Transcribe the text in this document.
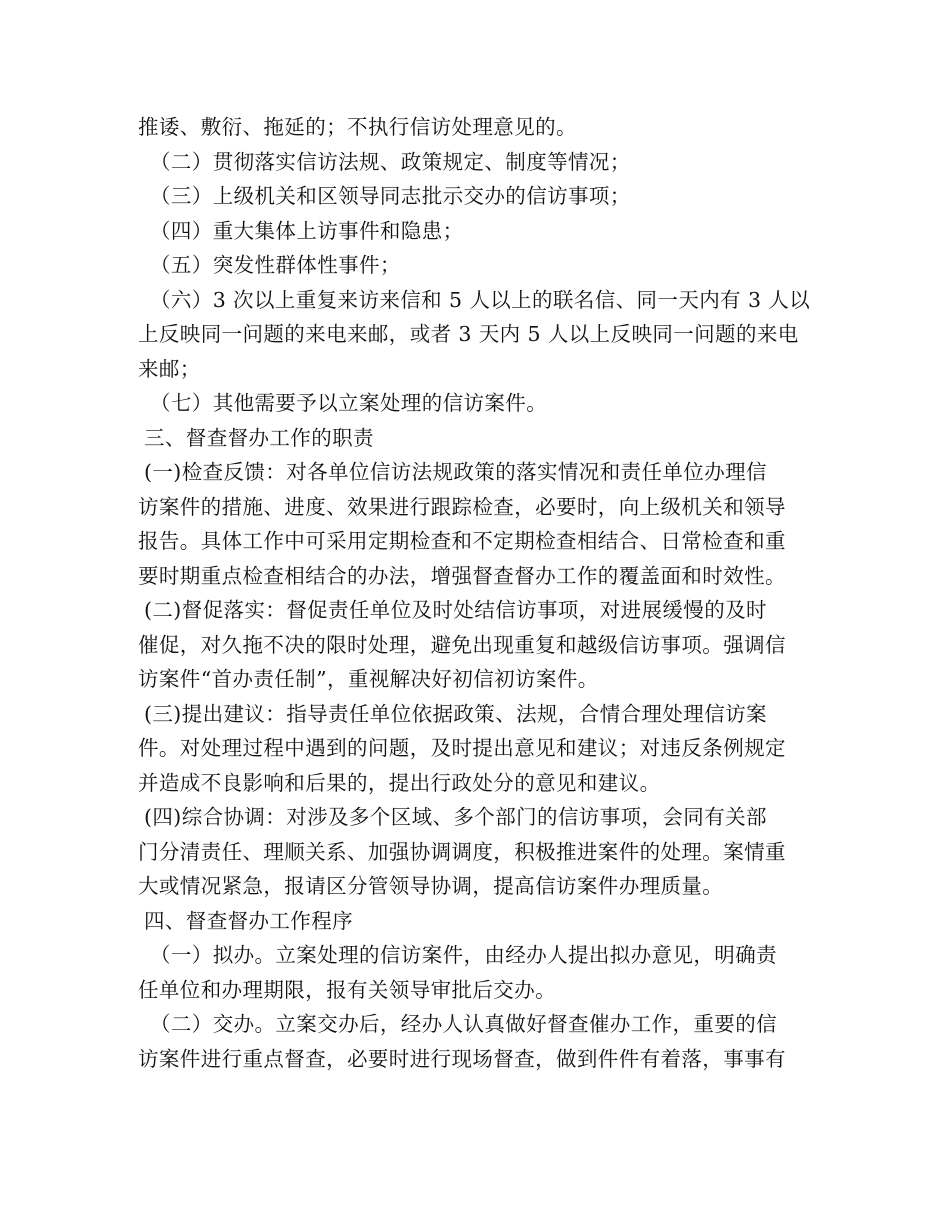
推诿、敷衍、拖延的；不执行信访处理意见的。
（二）贯彻落实信访法规、政策规定、制度等情况；
（三）上级机关和区领导同志批示交办的信访事项；
（四）重大集体上访事件和隐患；
（五）突发性群体性事件；
（六）3 次以上重复来访来信和 5 人以上的联名信、同一天内有 3 人以
上反映同一问题的来电来邮，或者 3 天内 5 人以上反映同一问题的来电
来邮；
（七）其他需要予以立案处理的信访案件。
三、督查督办工作的职责
(一)检查反馈：对各单位信访法规政策的落实情况和责任单位办理信
访案件的措施、进度、效果进行跟踪检查，必要时，向上级机关和领导
报告。具体工作中可采用定期检查和不定期检查相结合、日常检查和重
要时期重点检查相结合的办法，增强督查督办工作的覆盖面和时效性。
(二)督促落实：督促责任单位及时处结信访事项，对进展缓慢的及时
催促，对久拖不决的限时处理，避免出现重复和越级信访事项。强调信
访案件“首办责任制”，重视解决好初信初访案件。
(三)提出建议：指导责任单位依据政策、法规，合情合理处理信访案
件。对处理过程中遇到的问题，及时提出意见和建议；对违反条例规定
并造成不良影响和后果的，提出行政处分的意见和建议。
(四)综合协调：对涉及多个区域、多个部门的信访事项，会同有关部
门分清责任、理顺关系、加强协调调度，积极推进案件的处理。案情重
大或情况紧急，报请区分管领导协调，提高信访案件办理质量。
四、督查督办工作程序
（一）拟办。立案处理的信访案件，由经办人提出拟办意见，明确责
任单位和办理期限，报有关领导审批后交办。
（二）交办。立案交办后，经办人认真做好督查催办工作，重要的信
访案件进行重点督查，必要时进行现场督查，做到件件有着落，事事有
